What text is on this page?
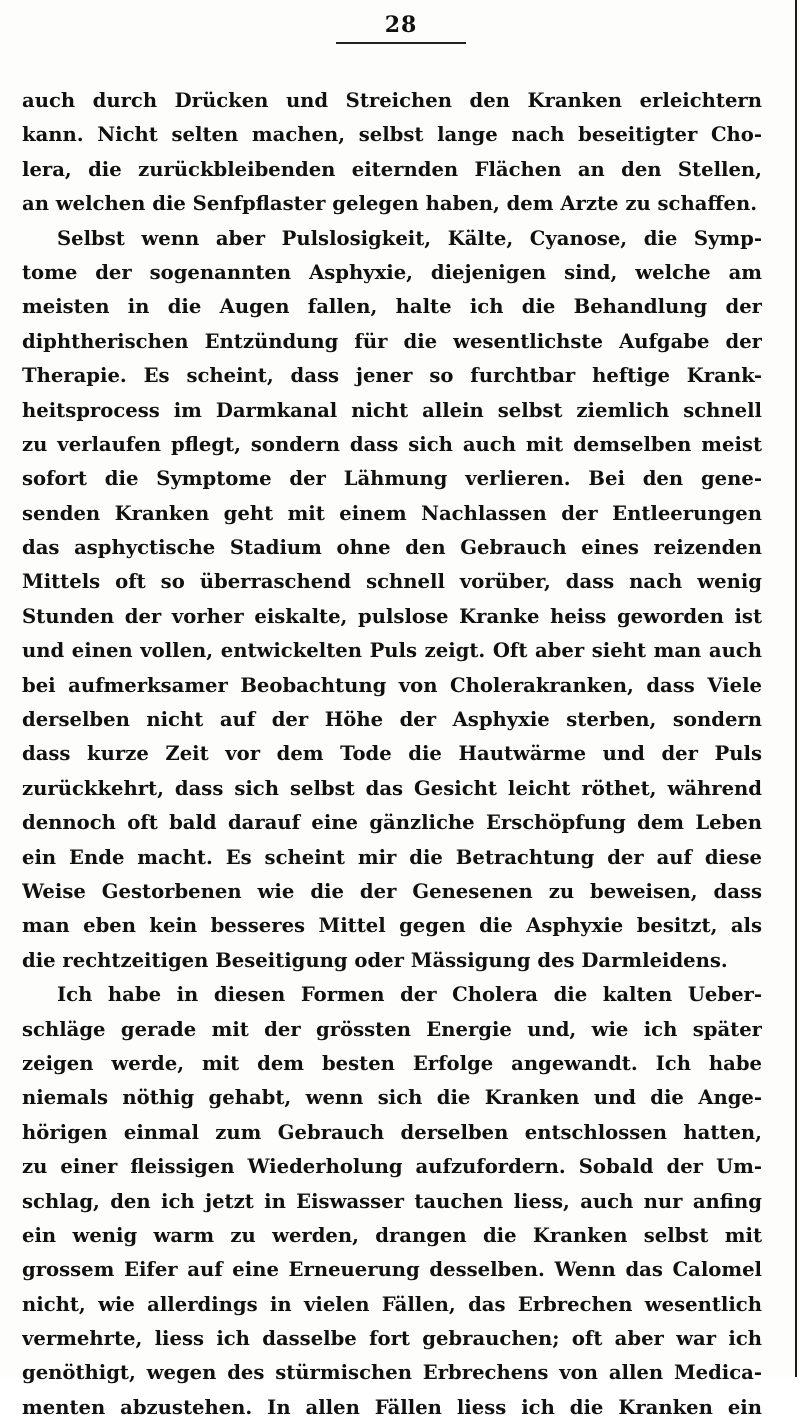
28
auch durch Drücken und Streichen den Kranken erleichtern
kann. Nicht selten machen, selbst lange nach beseitigter Cho-
lera, die zurückbleibenden eiternden Flächen an den Stellen,
an welchen die Senfpflaster gelegen haben, dem Arzte zu schaffen.
Selbst wenn aber Pulslosigkeit, Kälte, Cyanose, die Symp-
tome der sogenannten Asphyxie, diejenigen sind, welche am
meisten in die Augen fallen, halte ich die Behandlung der
diphtherischen Entzündung für die wesentlichste Aufgabe der
Therapie. Es scheint, dass jener so furchtbar heftige Krank-
heitsprocess im Darmkanal nicht allein selbst ziemlich schnell
zu verlaufen pflegt, sondern dass sich auch mit demselben meist
sofort die Symptome der Lähmung verlieren. Bei den gene-
senden Kranken geht mit einem Nachlassen der Entleerungen
das asphyctische Stadium ohne den Gebrauch eines reizenden
Mittels oft so überraschend schnell vorüber, dass nach wenig
Stunden der vorher eiskalte, pulslose Kranke heiss geworden ist
und einen vollen, entwickelten Puls zeigt. Oft aber sieht man auch
bei aufmerksamer Beobachtung von Cholerakranken, dass Viele
derselben nicht auf der Höhe der Asphyxie sterben, sondern
dass kurze Zeit vor dem Tode die Hautwärme und der Puls
zurückkehrt, dass sich selbst das Gesicht leicht röthet, während
dennoch oft bald darauf eine gänzliche Erschöpfung dem Leben
ein Ende macht. Es scheint mir die Betrachtung der auf diese
Weise Gestorbenen wie die der Genesenen zu beweisen, dass
man eben kein besseres Mittel gegen die Asphyxie besitzt, als
die rechtzeitigen Beseitigung oder Mässigung des Darmleidens.
Ich habe in diesen Formen der Cholera die kalten Ueber-
schläge gerade mit der grössten Energie und, wie ich später
zeigen werde, mit dem besten Erfolge angewandt. Ich habe
niemals nöthig gehabt, wenn sich die Kranken und die Ange-
hörigen einmal zum Gebrauch derselben entschlossen hatten,
zu einer fleissigen Wiederholung aufzufordern. Sobald der Um-
schlag, den ich jetzt in Eiswasser tauchen liess, auch nur anfing
ein wenig warm zu werden, drangen die Kranken selbst mit
grossem Eifer auf eine Erneuerung desselben. Wenn das Calomel
nicht, wie allerdings in vielen Fällen, das Erbrechen wesentlich
vermehrte, liess ich dasselbe fort gebrauchen; oft aber war ich
genöthigt, wegen des stürmischen Erbrechens von allen Medica-
menten abzustehen. In allen Fällen liess ich die Kranken ein
